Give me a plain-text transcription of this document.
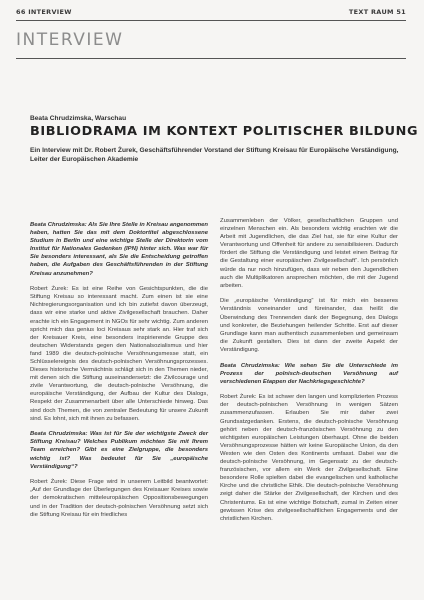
66 INTERVIEW	TEXT RAUM 51
INTERVIEW
Beata Chrudzimska, Warschau
BIBLIODRAMA IM KONTEXT POLITISCHER BILDUNG
Ein Interview mit Dr. Robert Żurek, Geschäftsführender Vorstand der Stiftung Kreisau für Europäische Verständigung, Leiter der Europäischen Akademie

Beata Chrudzimska: Als Sie Ihre Stelle in Kreisau angenommen haben, hatten Sie das mit dem Doktortitel abgeschlossene Studium in Berlin und eine wichtige Stelle der Direktorin vom Institut für Nationales Gedenken (IPN) hinter sich. Was war für Sie besonders interessant, als Sie die Entscheidung getroffen haben, die Aufgaben des Geschäftsführenden in der Stiftung Kreisau anzunehmen?

Robert Żurek: Es ist eine Reihe von Gesichtspunkten, die die Stiftung Kreisau so interessant macht. Zum einen ist sie eine Nichtregierungsorganisation und ich bin zutiefst davon überzeugt, dass wir eine starke und aktive Zivilgesellschaft brauchen. Daher erachte ich ein Engagement in NGOs für sehr wichtig. Zum anderen spricht mich das genius loci Kreisaus sehr stark an. Hier traf sich der Kreisauer Kreis, eine besonders inspirierende Gruppe des deutschen Widerstands gegen den Nationalsozialismus und hier fand 1989 die deutsch-polnische Versöhnungsmesse statt, ein Schlüsselereignis des deutsch-polnischen Versöhnungsprozesses. Dieses historische Vermächtnis schlägt sich in den Themen nieder, mit denen sich die Stiftung auseinandersetzt: die Zivilcourage und zivile Verantwortung, die deutsch-polnische Versöhnung, die europäische Verständigung, der Aufbau der Kultur des Dialogs, Respekt der Zusammenarbeit über alle Unterschiede hinweg. Das sind doch Themen, die von zentraler Bedeutung für unsere Zukunft sind. Es lohnt, sich mit ihnen zu befassen.

Beata Chrudzimska: Was ist für Sie der wichtigste Zweck der Stiftung Kreisau? Welches Publikum möchten Sie mit Ihrem Team erreichen? Gibt es eine Zielgruppe, die besonders wichtig ist? Was bedeutet für Sie „europäische Verständigung“?

Robert Żurek: Diese Frage wird in unserem Leitbild beantwortet: „Auf der Grundlage der Überlegungen des Kreisauer Kreises sowie der demokratischen mitteleuropäischen Oppositionsbewegungen und in der Tradition der deutsch-polnischen Versöhnung setzt sich die Stiftung Kreisau für ein friedliches

Zusammenleben der Völker, gesellschaftlichen Gruppen und einzelnen Menschen ein. Als besonders wichtig erachten wir die Arbeit mit Jugendlichen, die das Ziel hat, sie für eine Kultur der Verantwortung und Offenheit für andere zu sensibilisieren. Dadurch fördert die Stiftung die Verständigung und leistet einen Beitrag für die Gestaltung einer europäischen Zivilgesellschaft“. Ich persönlich würde da nur noch hinzufügen, dass wir neben den Jugendlichen auch die Multiplikatoren ansprechen möchten, die mit der Jugend arbeiten.

Die „europäische Verständigung“ ist für mich ein besseres Verständnis voneinander und füreinander, das heißt die Überwindung des Trennenden dank der Begegnung, des Dialogs und konkreter, die Beziehungen heilender Schritte. Erst auf dieser Grundlage kann man authentisch zusammenleben und gemeinsam die Zukunft gestalten. Dies ist dann der zweite Aspekt der Verständigung.

Beata Chrudzimska: Wie sehen Sie die Unterschiede im Prozess der polnisch-deutschen Versöhnung auf verschiedenen Etappen der Nachkriegsgeschichte?

Robert Żurek: Es ist schwer den langen und komplizierten Prozess der deutsch-polnischen Versöhnung in wenigen Sätzen zusammenzufassen. Erlauben Sie mir daher zwei Grundsatzgedanken. Erstens, die deutsch-polnische Versöhnung gehört neben der deutsch-französischen Versöhnung zu den wichtigsten europäischen Leistungen überhaupt. Ohne die beiden Versöhnungsprozesse hätten wir keine Europäische Union, da den Westen wie den Osten des Kontinents umfasst. Dabei war die deutsch-polnische Versöhnung, im Gegensatz zu der deutsch-französischen, vor allem ein Werk der Zivilgesellschaft. Eine besondere Rolle spielten dabei die evangelischen und katholische Kirche und die christliche Ethik. Die deutsch-polnische Versöhnung zeigt daher die Stärke der Zivilgesellschaft, der Kirchen und des Christentums. Es ist eine wichtige Botschaft, zumal in Zeiten einer gewissen Krise des zivilgesellschaftlichen Engagements und der christlichen Kirchen.
